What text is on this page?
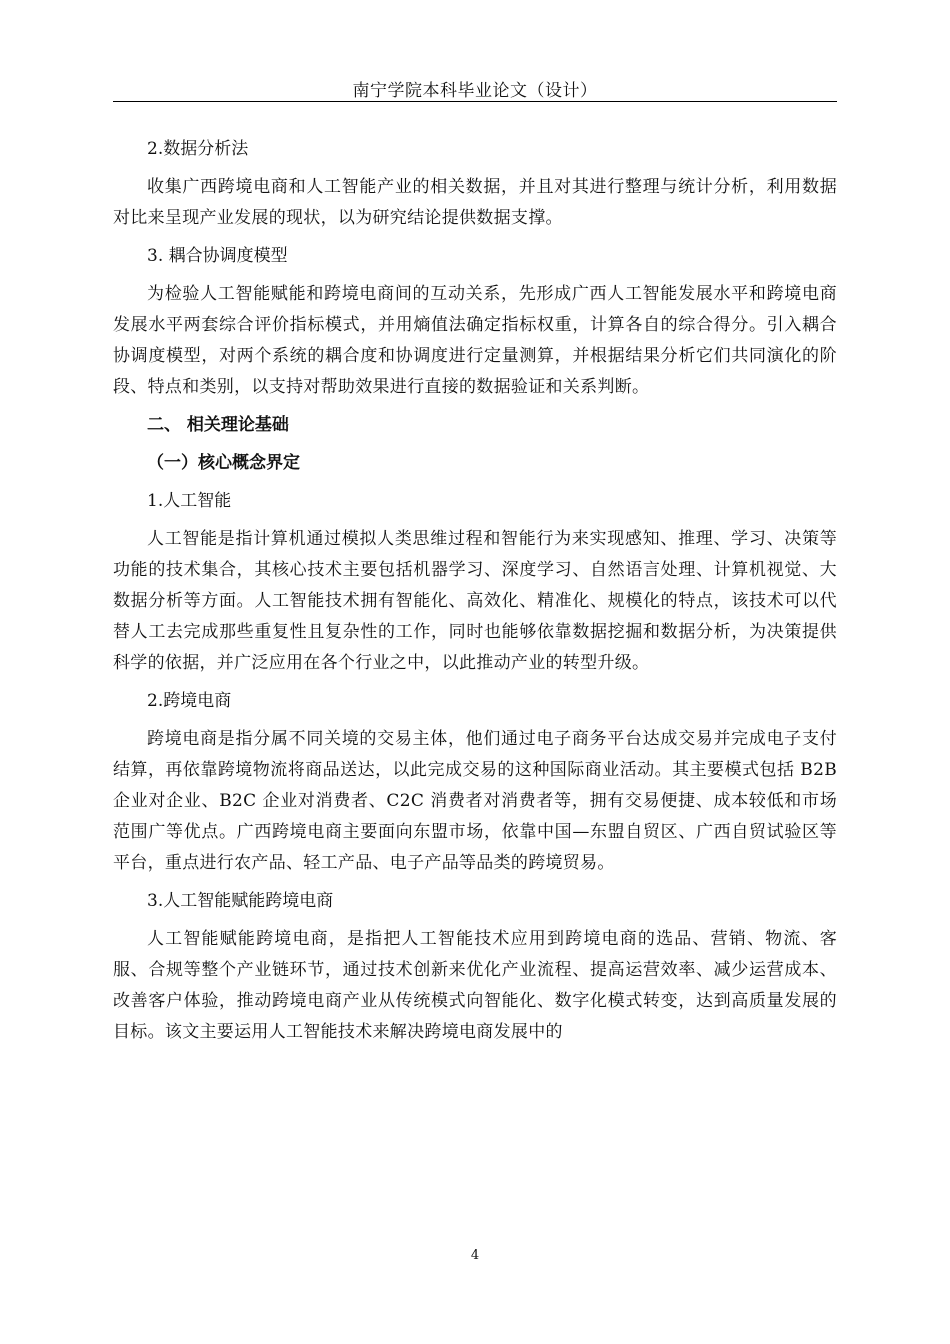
南宁学院本科毕业论文（设计）

2.数据分析法

收集广西跨境电商和人工智能产业的相关数据，并且对其进行整理与统计分析，利用数据对比来呈现产业发展的现状，以为研究结论提供数据支撑。

3. 耦合协调度模型

为检验人工智能赋能和跨境电商间的互动关系，先形成广西人工智能发展水平和跨境电商发展水平两套综合评价指标模式，并用熵值法确定指标权重，计算各自的综合得分。引入耦合协调度模型，对两个系统的耦合度和协调度进行定量测算，并根据结果分析它们共同演化的阶段、特点和类别，以支持对帮助效果进行直接的数据验证和关系判断。

二、 相关理论基础

（一）核心概念界定

1.人工智能

人工智能是指计算机通过模拟人类思维过程和智能行为来实现感知、推理、学习、决策等功能的技术集合，其核心技术主要包括机器学习、深度学习、自然语言处理、计算机视觉、大数据分析等方面。人工智能技术拥有智能化、高效化、精准化、规模化的特点，该技术可以代替人工去完成那些重复性且复杂性的工作，同时也能够依靠数据挖掘和数据分析，为决策提供科学的依据，并广泛应用在各个行业之中，以此推动产业的转型升级。

2.跨境电商

跨境电商是指分属不同关境的交易主体，他们通过电子商务平台达成交易并完成电子支付结算，再依靠跨境物流将商品送达，以此完成交易的这种国际商业活动。其主要模式包括 B2B 企业对企业、B2C 企业对消费者、C2C 消费者对消费者等，拥有交易便捷、成本较低和市场范围广等优点。广西跨境电商主要面向东盟市场，依靠中国—东盟自贸区、广西自贸试验区等平台，重点进行农产品、轻工产品、电子产品等品类的跨境贸易。

3.人工智能赋能跨境电商

人工智能赋能跨境电商，是指把人工智能技术应用到跨境电商的选品、营销、物流、客服、合规等整个产业链环节，通过技术创新来优化产业流程、提高运营效率、减少运营成本、改善客户体验，推动跨境电商产业从传统模式向智能化、数字化模式转变，达到高质量发展的目标。该文主要运用人工智能技术来解决跨境电商发展中的

4
